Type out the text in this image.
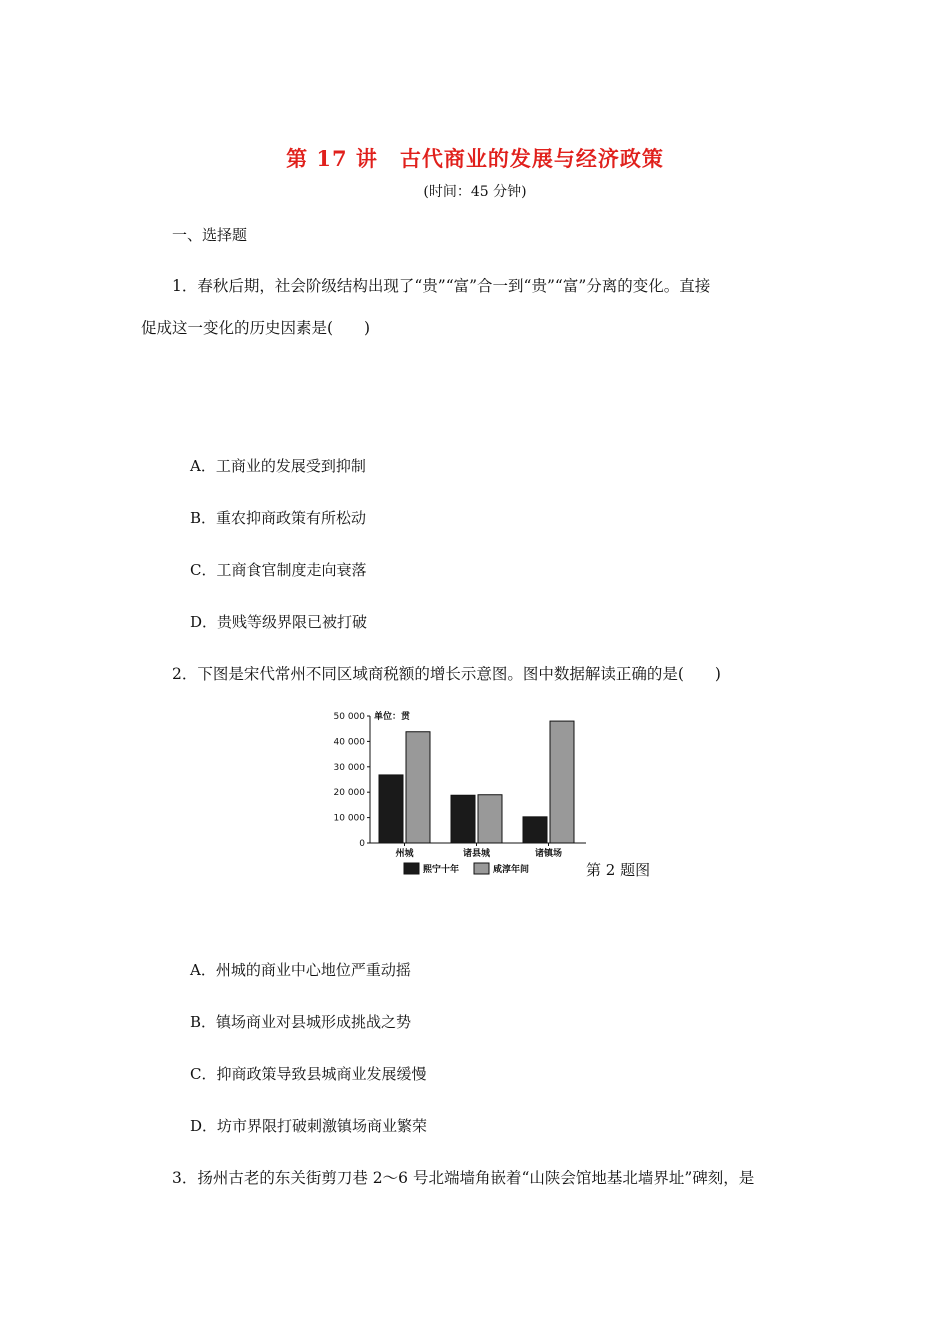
第 17 讲　古代商业的发展与经济政策
(时间：45 分钟)
一、选择题
1．春秋后期，社会阶级结构出现了“贵”“富”合一到“贵”“富”分离的变化。直接
促成这一变化的历史因素是(　　)
A．工商业的发展受到抑制
B．重农抑商政策有所松动
C．工商食官制度走向衰落
D．贵贱等级界限已被打破
2．下图是宋代常州不同区域商税额的增长示意图。图中数据解读正确的是(　　)
0
10 000
20 000
30 000
40 000
50 000 单位：贯
州城	诸县城	诸镇场
熙宁十年	咸淳年间	第 2 题图
A．州城的商业中心地位严重动摇
B．镇场商业对县城形成挑战之势
C．抑商政策导致县城商业发展缓慢
D．坊市界限打破刺激镇场商业繁荣
3．扬州古老的东关街剪刀巷 2～6 号北端墙角嵌着“山陕会馆地基北墙界址”碑刻，是
